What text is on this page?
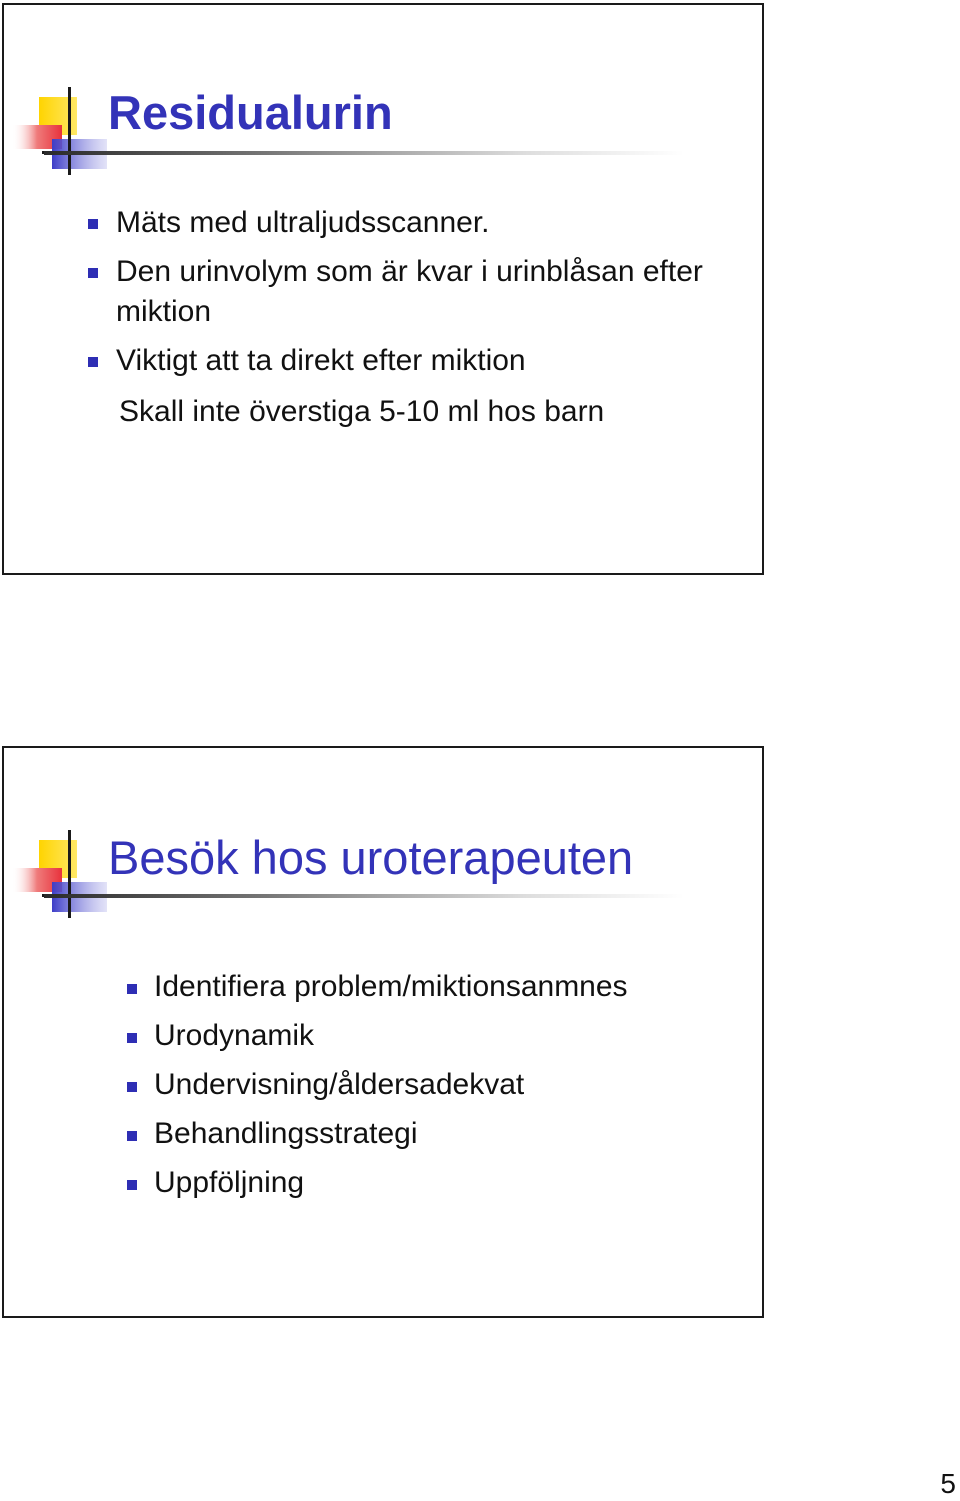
Residualurin
Mäts med ultraljudsscanner.
Den urinvolym som är kvar i urinblåsan efter miktion
Viktigt att ta direkt efter miktion
Skall inte överstiga 5-10 ml hos barn
Besök hos uroterapeuten
Identifiera problem/miktionsanmnes
Urodynamik
Undervisning/åldersadekvat
Behandlingsstrategi
Uppföljning
5
